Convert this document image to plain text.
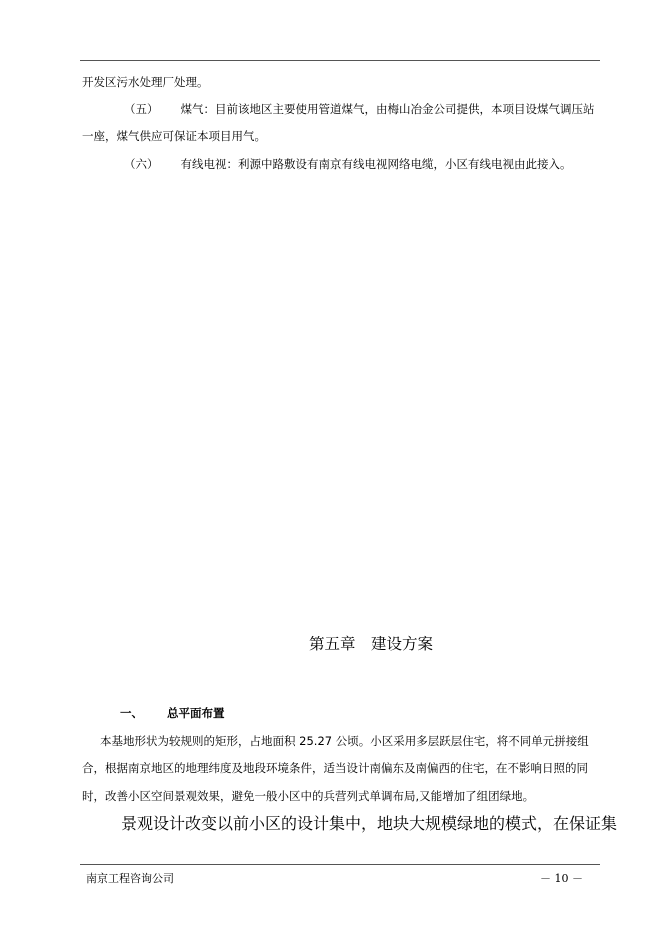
开发区污水处理厂处理。
（五） 煤气：目前该地区主要使用管道煤气，由梅山冶金公司提供，本项目设煤气调压站
一座，煤气供应可保证本项目用气。
（六） 有线电视：利源中路敷设有南京有线电视网络电缆，小区有线电视由此接入。
第五章　建设方案
一、 总平面布置
本基地形状为较规则的矩形，占地面积 25.27 公顷。小区采用多层跃层住宅，将不同单元拼接组
合，根据南京地区的地理纬度及地段环境条件，适当设计南偏东及南偏西的住宅，在不影响日照的同
时，改善小区空间景观效果，避免一般小区中的兵营列式单调布局,又能增加了组团绿地。
景观设计改变以前小区的设计集中，地块大规模绿地的模式，在保证集
南京工程咨询公司	－ 10 －
